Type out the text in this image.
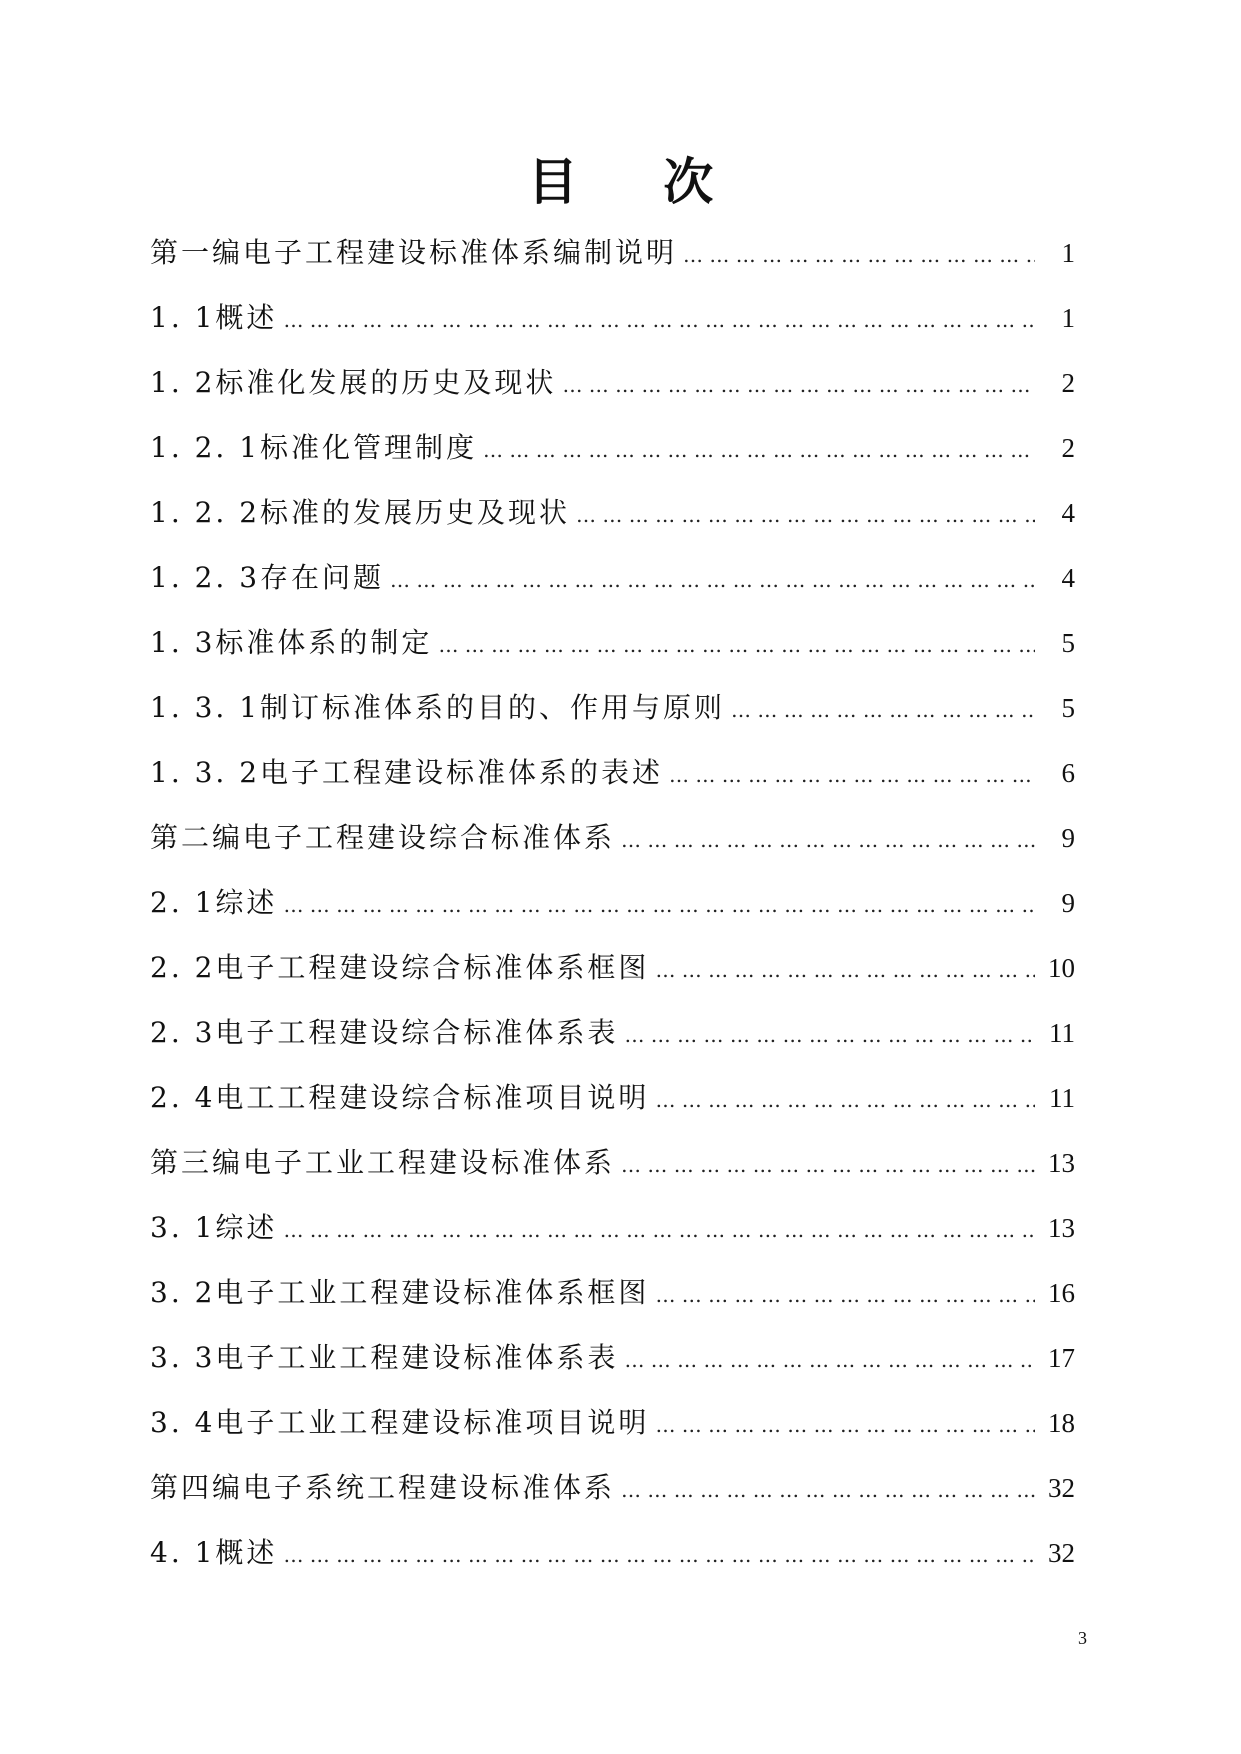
目 次
第一编电子工程建设标准体系编制说明 … … … … … … … … … … … … … … … … … … … … … … … … … … … … … … … … … … … … … … … … … … … … … … … … … … … … … … … … … … … … … … …	1
1. 1概述 … … … … … … … … … … … … … … … … … … … … … … … … … … … … … … … … … … … … … … … … … … … … … … … … … … … … … … … … … … … … … … …	1
1. 2标准化发展的历史及现状 … … … … … … … … … … … … … … … … … … … … … … … … … … … … … … … … … … … … … … … … … … … … … … … … … … … … … … … … … … … … … … …	2
1. 2. 1标准化管理制度 … … … … … … … … … … … … … … … … … … … … … … … … … … … … … … … … … … … … … … … … … … … … … … … … … … … … … … … … … … … … … … …	2
1. 2. 2标准的发展历史及现状 … … … … … … … … … … … … … … … … … … … … … … … … … … … … … … … … … … … … … … … … … … … … … … … … … … … … … … … … … … … … … … …	4
1. 2. 3存在问题 … … … … … … … … … … … … … … … … … … … … … … … … … … … … … … … … … … … … … … … … … … … … … … … … … … … … … … … … … … … … … … …	4
1. 3标准体系的制定 … … … … … … … … … … … … … … … … … … … … … … … … … … … … … … … … … … … … … … … … … … … … … … … … … … … … … … … … … … … … … … …	5
1. 3. 1制订标准体系的目的、作用与原则 … … … … … … … … … … … … … … … … … … … … … … … … … … … … … … … … … … … … … … … … … … … … … … … … … … … … … … … … … … … … … … …	5
1. 3. 2电子工程建设标准体系的表述 … … … … … … … … … … … … … … … … … … … … … … … … … … … … … … … … … … … … … … … … … … … … … … … … … … … … … … … … … … … … … … …	6
第二编电子工程建设综合标准体系 … … … … … … … … … … … … … … … … … … … … … … … … … … … … … … … … … … … … … … … … … … … … … … … … … … … … … … … … … … … … … … …	9
2. 1综述 … … … … … … … … … … … … … … … … … … … … … … … … … … … … … … … … … … … … … … … … … … … … … … … … … … … … … … … … … … … … … … …	9
2. 2电子工程建设综合标准体系框图 … … … … … … … … … … … … … … … … … … … … … … … … … … … … … … … … … … … … … … … … … … … … … … … … … … … … … … … … … … … … … … …	10
2. 3电子工程建设综合标准体系表 … … … … … … … … … … … … … … … … … … … … … … … … … … … … … … … … … … … … … … … … … … … … … … … … … … … … … … … … … … … … … … …	11
2. 4电工工程建设综合标准项目说明 … … … … … … … … … … … … … … … … … … … … … … … … … … … … … … … … … … … … … … … … … … … … … … … … … … … … … … … … … … … … … … …	11
第三编电子工业工程建设标准体系 … … … … … … … … … … … … … … … … … … … … … … … … … … … … … … … … … … … … … … … … … … … … … … … … … … … … … … … … … … … … … … …	13
3. 1综述 … … … … … … … … … … … … … … … … … … … … … … … … … … … … … … … … … … … … … … … … … … … … … … … … … … … … … … … … … … … … … … …	13
3. 2电子工业工程建设标准体系框图 … … … … … … … … … … … … … … … … … … … … … … … … … … … … … … … … … … … … … … … … … … … … … … … … … … … … … … … … … … … … … … …	16
3. 3电子工业工程建设标准体系表 … … … … … … … … … … … … … … … … … … … … … … … … … … … … … … … … … … … … … … … … … … … … … … … … … … … … … … … … … … … … … … …	17
3. 4电子工业工程建设标准项目说明 … … … … … … … … … … … … … … … … … … … … … … … … … … … … … … … … … … … … … … … … … … … … … … … … … … … … … … … … … … … … … … …	18
第四编电子系统工程建设标准体系 … … … … … … … … … … … … … … … … … … … … … … … … … … … … … … … … … … … … … … … … … … … … … … … … … … … … … … … … … … … … … … …	32
4. 1概述 … … … … … … … … … … … … … … … … … … … … … … … … … … … … … … … … … … … … … … … … … … … … … … … … … … … … … … … … … … … … … … …	32
3
